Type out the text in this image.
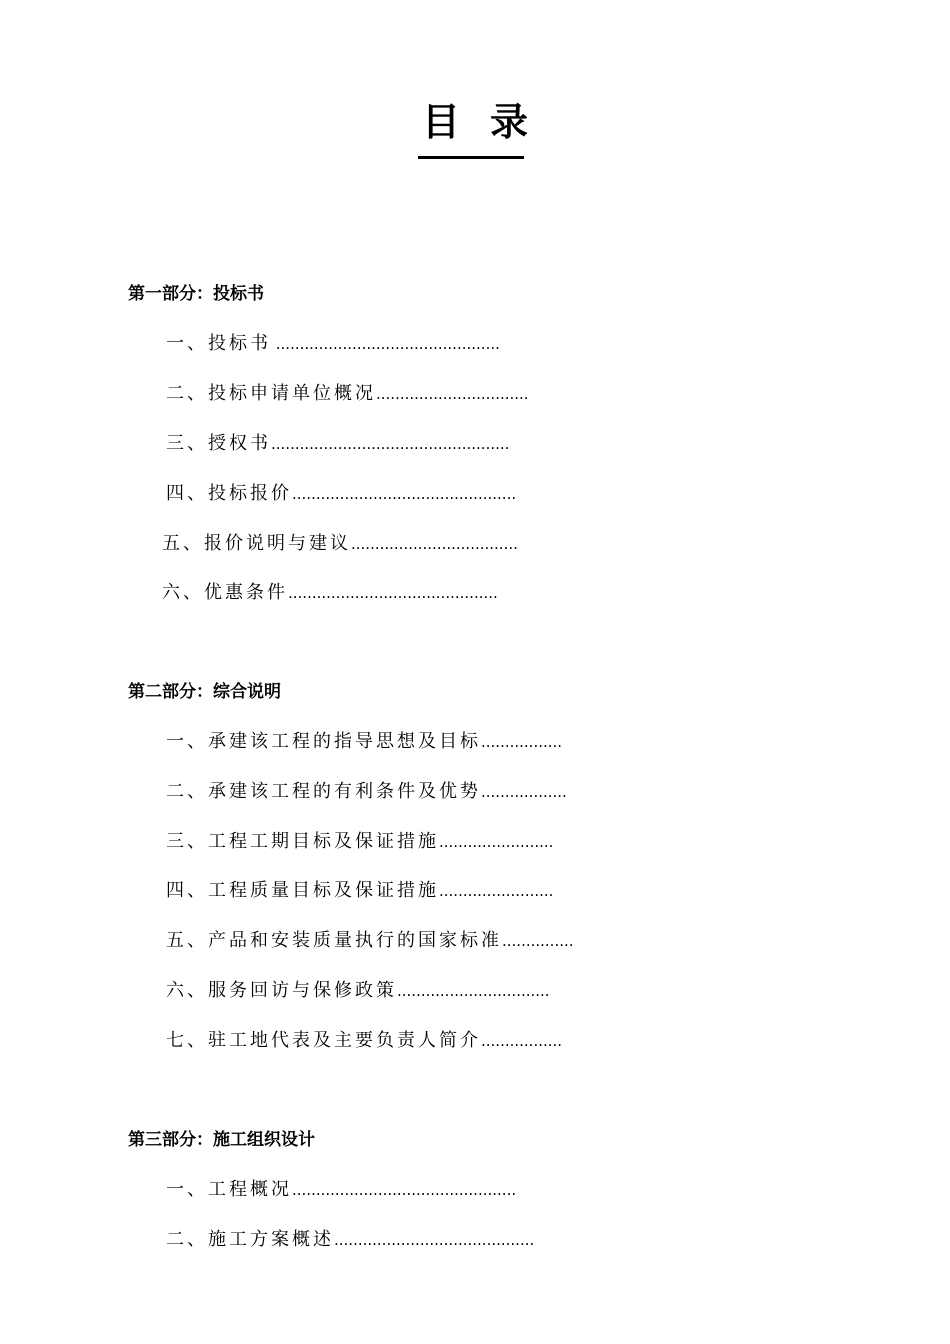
目录
第一部分：投标书
一、投标书 ...............................................
二、投标申请单位概况................................
三、授权书..................................................
四、投标报价...............................................
五、报价说明与建议...................................
六、优惠条件............................................
第二部分：综合说明
一、承建该工程的指导思想及目标.................
二、承建该工程的有利条件及优势..................
三、工程工期目标及保证措施........................
四、工程质量目标及保证措施........................
五、产品和安装质量执行的国家标准...............
六、服务回访与保修政策................................
七、驻工地代表及主要负责人简介.................
第三部分：施工组织设计
一、工程概况...............................................
二、施工方案概述..........................................
